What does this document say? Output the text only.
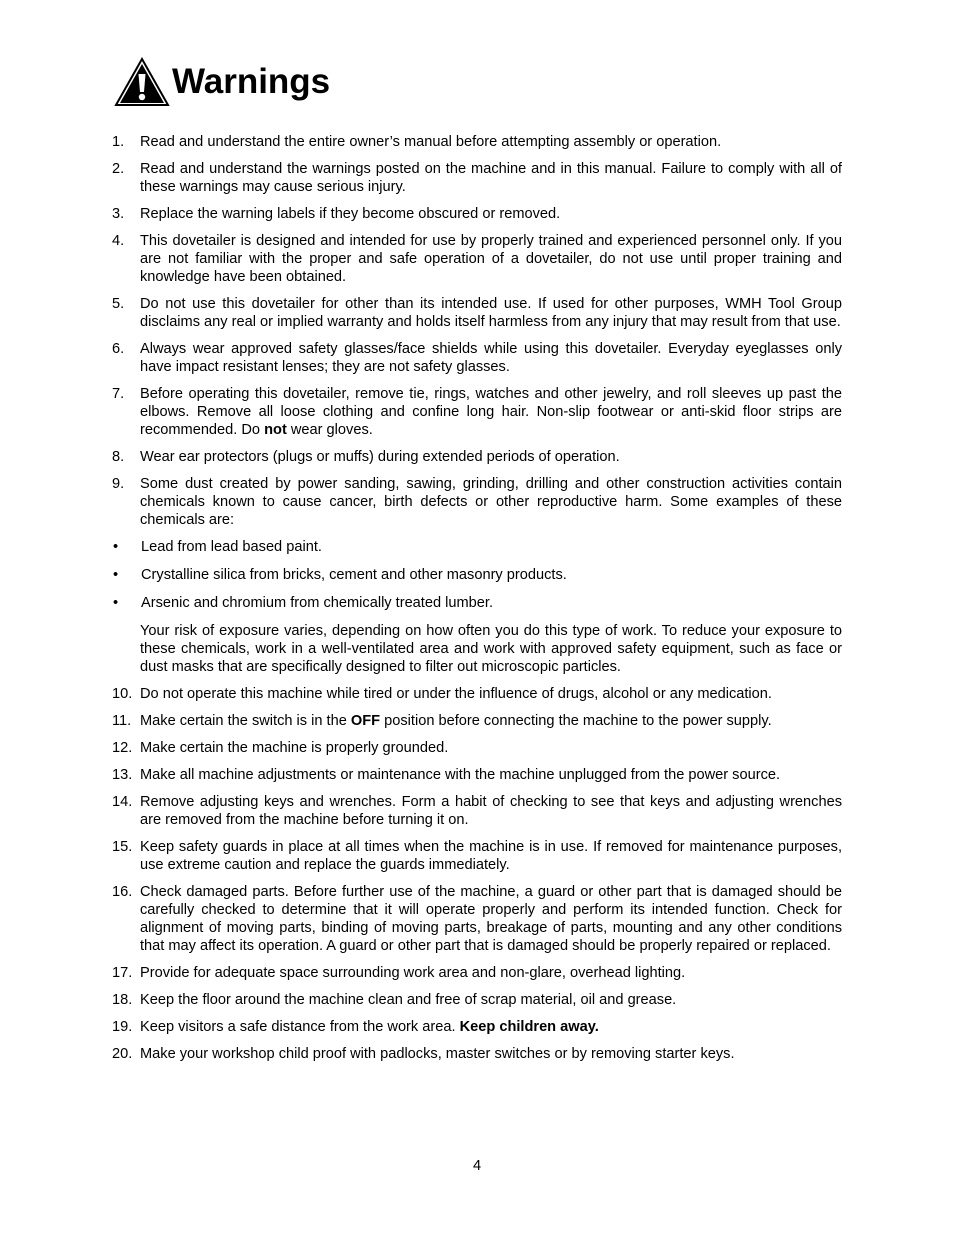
Warnings
1.	Read and understand the entire owner’s manual before attempting assembly or operation.
2.	Read and understand the warnings posted on the machine and in this manual. Failure to comply with all of these warnings may cause serious injury.
3.	Replace the warning labels if they become obscured or removed.
4.	This dovetailer is designed and intended for use by properly trained and experienced personnel only. If you are not familiar with the proper and safe operation of a dovetailer, do not use until proper training and knowledge have been obtained.
5.	Do not use this dovetailer for other than its intended use. If used for other purposes, WMH Tool Group disclaims any real or implied warranty and holds itself harmless from any injury that may result from that use.
6.	Always wear approved safety glasses/face shields while using this dovetailer. Everyday eyeglasses only have impact resistant lenses; they are not safety glasses.
7.	Before operating this dovetailer, remove tie, rings, watches and other jewelry, and roll sleeves up past the elbows. Remove all loose clothing and confine long hair. Non-slip footwear or anti-skid floor strips are recommended. Do not wear gloves.
8.	Wear ear protectors (plugs or muffs) during extended periods of operation.
9.	Some dust created by power sanding, sawing, grinding, drilling and other construction activities contain chemicals known to cause cancer, birth defects or other reproductive harm. Some examples of these chemicals are:
•	Lead from lead based paint.
•	Crystalline silica from bricks, cement and other masonry products.
•	Arsenic and chromium from chemically treated lumber.
Your risk of exposure varies, depending on how often you do this type of work. To reduce your exposure to these chemicals, work in a well-ventilated area and work with approved safety equipment, such as face or dust masks that are specifically designed to filter out microscopic particles.
10. Do not operate this machine while tired or under the influence of drugs, alcohol or any medication.
11. Make certain the switch is in the OFF position before connecting the machine to the power supply.
12. Make certain the machine is properly grounded.
13. Make all machine adjustments or maintenance with the machine unplugged from the power source.
14. Remove adjusting keys and wrenches. Form a habit of checking to see that keys and adjusting wrenches are removed from the machine before turning it on.
15. Keep safety guards in place at all times when the machine is in use. If removed for maintenance purposes, use extreme caution and replace the guards immediately.
16. Check damaged parts. Before further use of the machine, a guard or other part that is damaged should be carefully checked to determine that it will operate properly and perform its intended function. Check for alignment of moving parts, binding of moving parts, breakage of parts, mounting and any other conditions that may affect its operation. A guard or other part that is damaged should be properly repaired or replaced.
17. Provide for adequate space surrounding work area and non-glare, overhead lighting.
18. Keep the floor around the machine clean and free of scrap material, oil and grease.
19. Keep visitors a safe distance from the work area. Keep children away.
20. Make your workshop child proof with padlocks, master switches or by removing starter keys.
4
